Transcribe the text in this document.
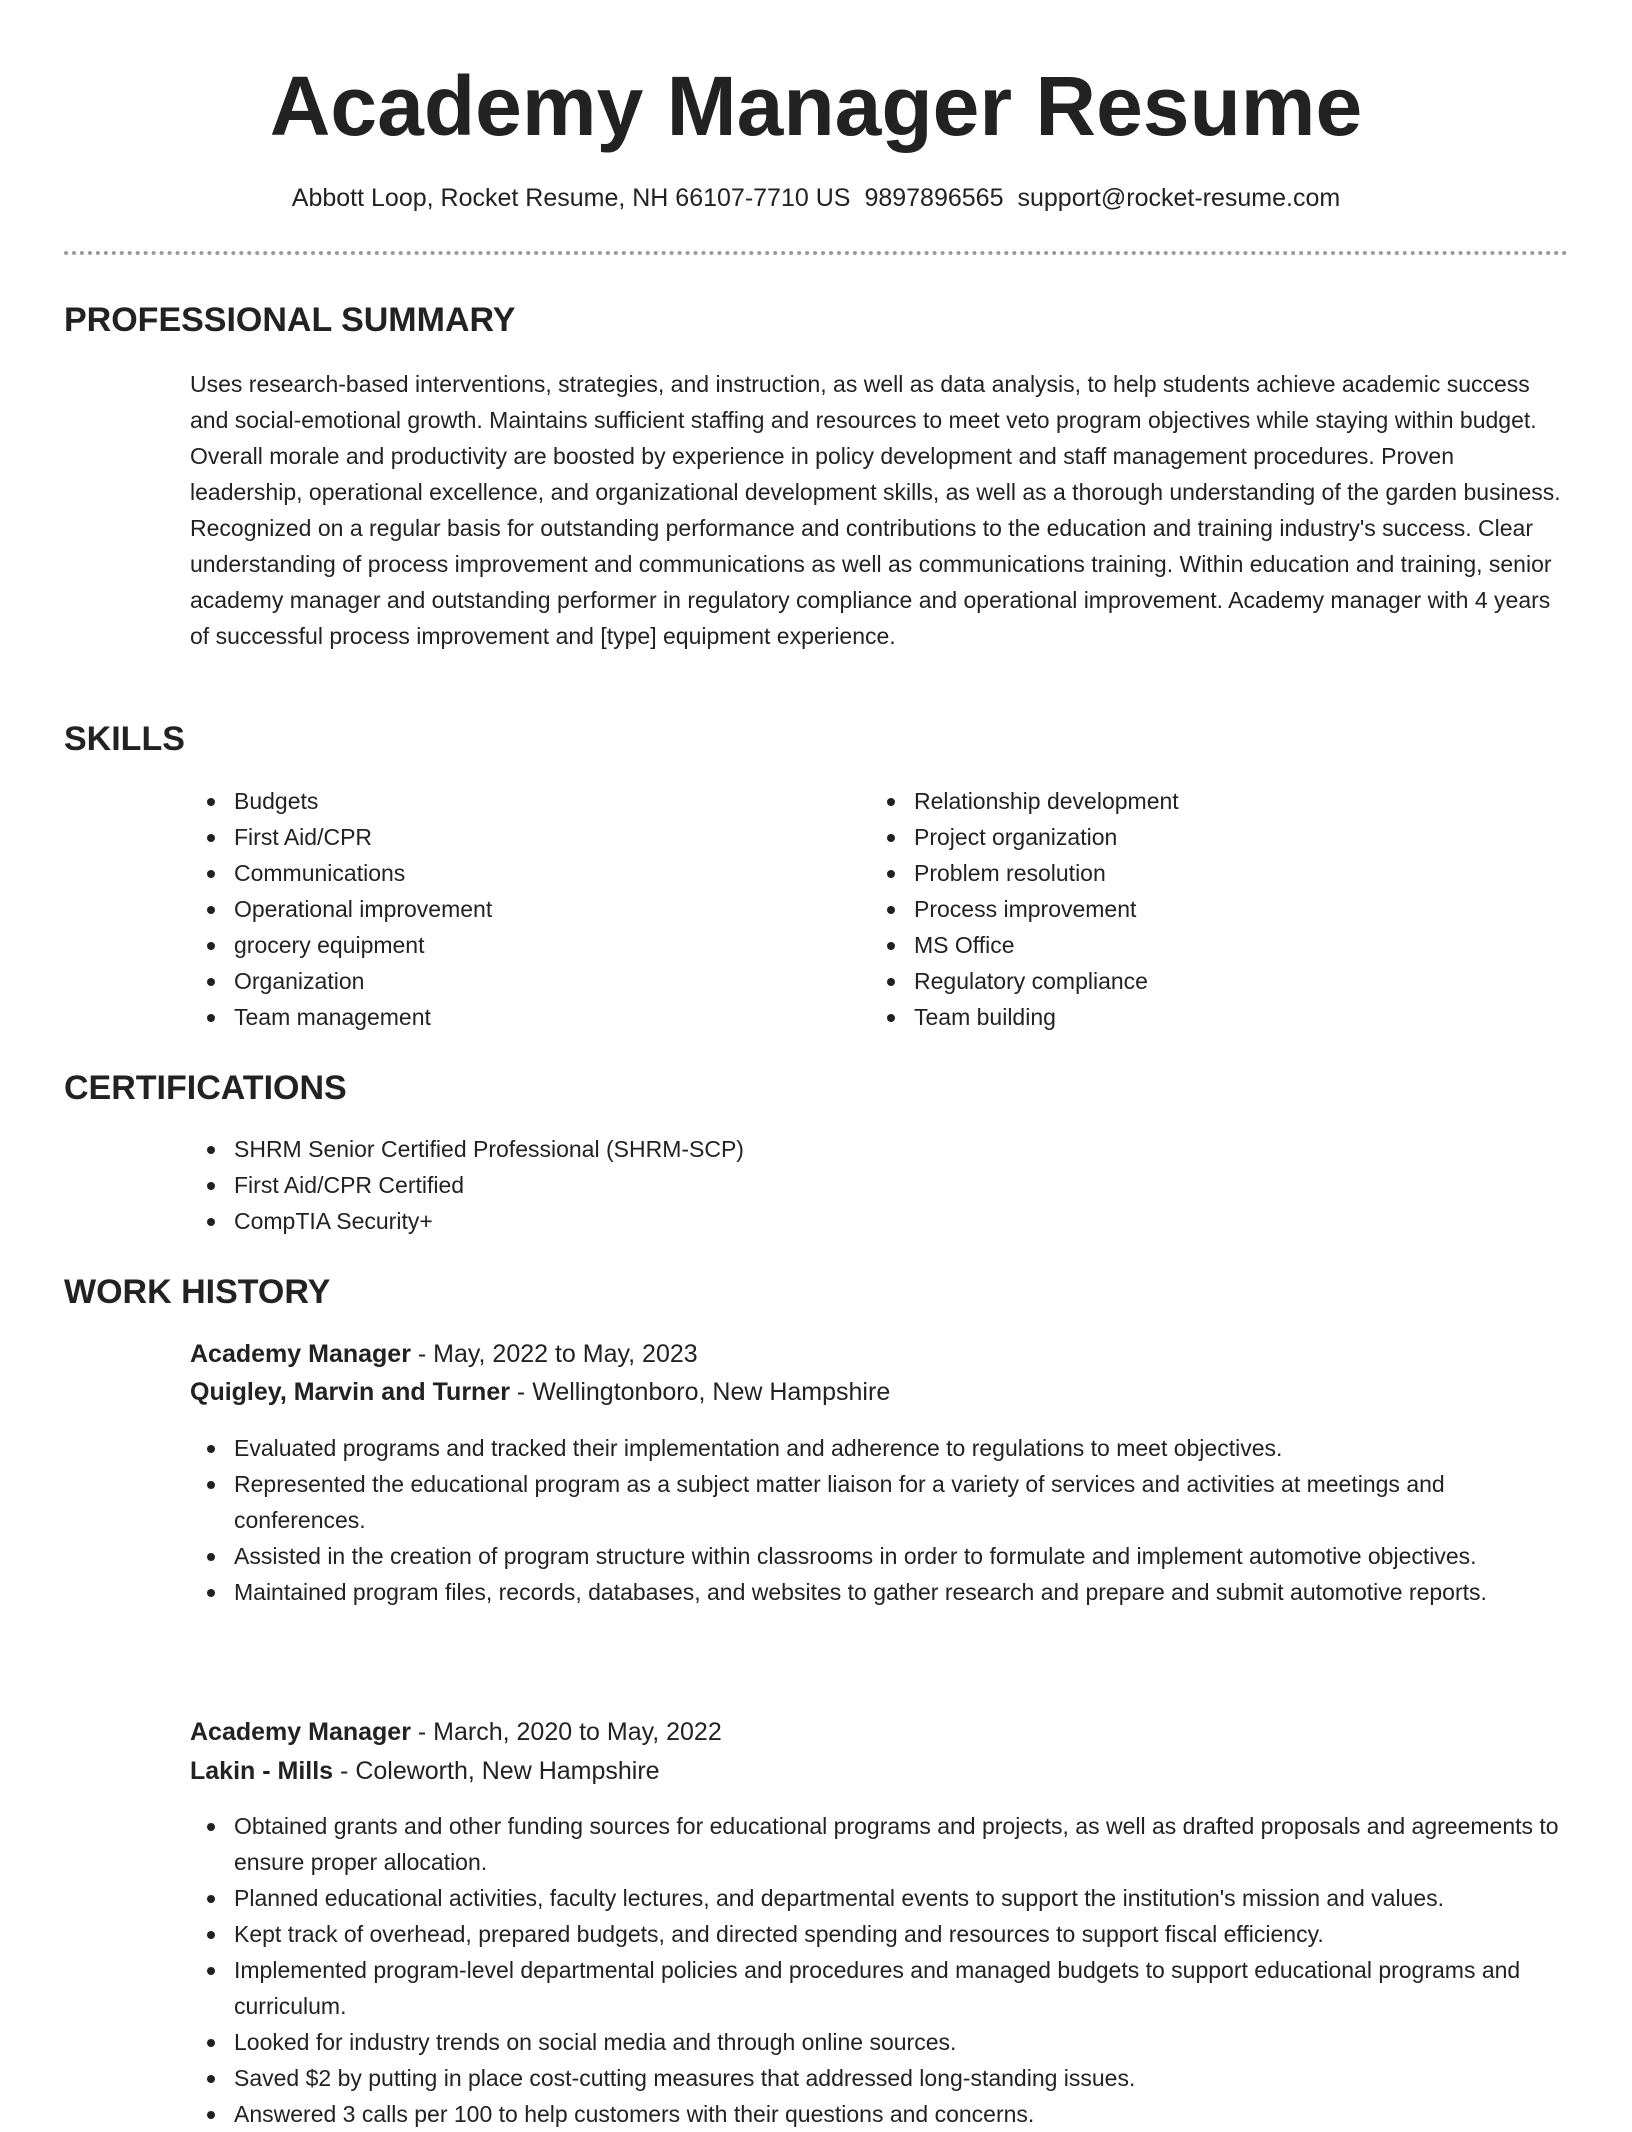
Academy Manager Resume
Abbott Loop, Rocket Resume, NH 66107-7710 US 9897896565 support@rocket-resume.com
PROFESSIONAL SUMMARY
Uses research-based interventions, strategies, and instruction, as well as data analysis, to help students achieve academic success and social-emotional growth. Maintains sufficient staffing and resources to meet veto program objectives while staying within budget. Overall morale and productivity are boosted by experience in policy development and staff management procedures. Proven leadership, operational excellence, and organizational development skills, as well as a thorough understanding of the garden business. Recognized on a regular basis for outstanding performance and contributions to the education and training industry's success. Clear understanding of process improvement and communications as well as communications training. Within education and training, senior academy manager and outstanding performer in regulatory compliance and operational improvement. Academy manager with 4 years of successful process improvement and [type] equipment experience.
SKILLS
Budgets
First Aid/CPR
Communications
Operational improvement
grocery equipment
Organization
Team management
Relationship development
Project organization
Problem resolution
Process improvement
MS Office
Regulatory compliance
Team building
CERTIFICATIONS
SHRM Senior Certified Professional (SHRM-SCP)
First Aid/CPR Certified
CompTIA Security+
WORK HISTORY
Academy Manager - May, 2022 to May, 2023
Quigley, Marvin and Turner - Wellingtonboro, New Hampshire
Evaluated programs and tracked their implementation and adherence to regulations to meet objectives.
Represented the educational program as a subject matter liaison for a variety of services and activities at meetings and conferences.
Assisted in the creation of program structure within classrooms in order to formulate and implement automotive objectives.
Maintained program files, records, databases, and websites to gather research and prepare and submit automotive reports.
Academy Manager - March, 2020 to May, 2022
Lakin - Mills - Coleworth, New Hampshire
Obtained grants and other funding sources for educational programs and projects, as well as drafted proposals and agreements to ensure proper allocation.
Planned educational activities, faculty lectures, and departmental events to support the institution's mission and values.
Kept track of overhead, prepared budgets, and directed spending and resources to support fiscal efficiency.
Implemented program-level departmental policies and procedures and managed budgets to support educational programs and curriculum.
Looked for industry trends on social media and through online sources.
Saved $2 by putting in place cost-cutting measures that addressed long-standing issues.
Answered 3 calls per 100 to help customers with their questions and concerns.
